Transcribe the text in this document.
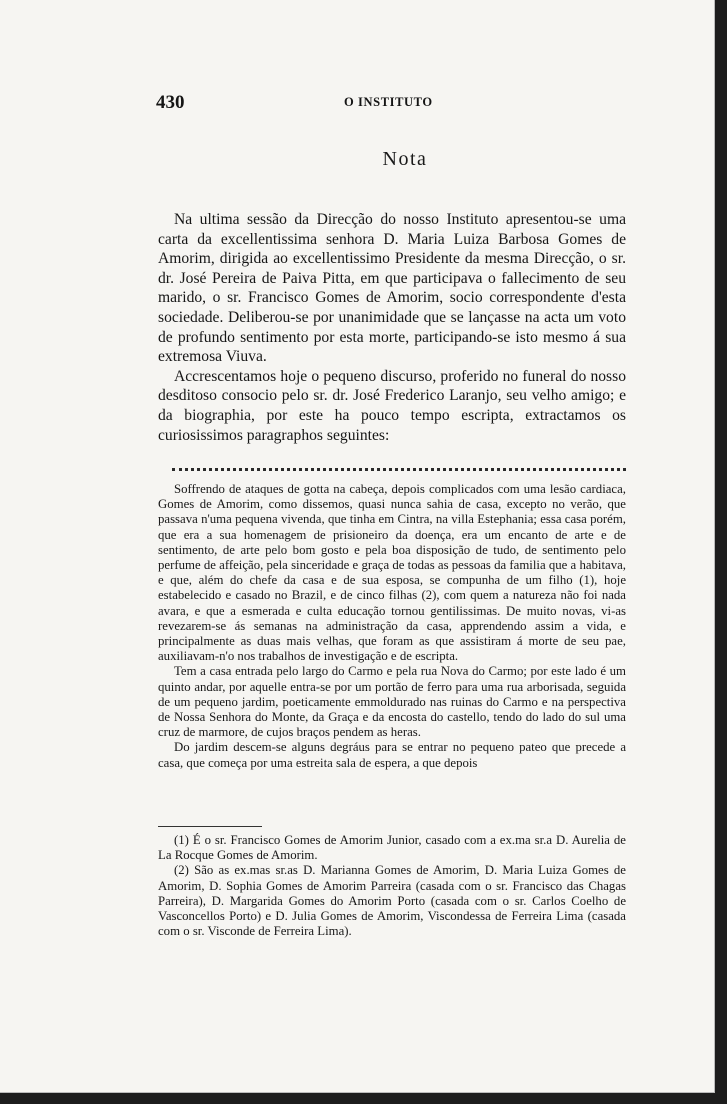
430	O INSTITUTO
Nota

Na ultima sessão da Direcção do nosso Instituto apresentou-se uma carta da excellentissima senhora D. Maria Luiza Barbosa Gomes de Amorim, dirigida ao excellentissimo Presidente da mesma Direcção, o sr. dr. José Pereira de Paiva Pitta, em que participava o fallecimento de seu marido, o sr. Francisco Gomes de Amorim, socio correspondente d'esta sociedade. Deliberou-se por unanimidade que se lançasse na acta um voto de profundo sentimento por esta morte, participando-se isto mesmo á sua extremosa Viuva.

Accrescentamos hoje o pequeno discurso, proferido no funeral do nosso desditoso consocio pelo sr. dr. José Frederico Laranjo, seu velho amigo; e da biographia, por este ha pouco tempo escripta, extractamos os curiosissimos paragraphos seguintes:

Soffrendo de ataques de gotta na cabeça, depois complicados com uma lesão cardiaca, Gomes de Amorim, como dissemos, quasi nunca sahia de casa, excepto no verão, que passava n'uma pequena vivenda, que tinha em Cintra, na villa Estephania; essa casa porém, que era a sua homenagem de prisioneiro da doença, era um encanto de arte e de sentimento, de arte pelo bom gosto e pela boa disposição de tudo, de sentimento pelo perfume de affeição, pela sinceridade e graça de todas as pessoas da familia que a habitava, e que, além do chefe da casa e de sua esposa, se compunha de um filho (1), hoje estabelecido e casado no Brazil, e de cinco filhas (2), com quem a natureza não foi nada avara, e que a esmerada e culta educação tornou gentilissimas. De muito novas, vi-as revezarem-se ás semanas na administração da casa, apprendendo assim a vida, e principalmente as duas mais velhas, que foram as que assistiram á morte de seu pae, auxiliavam-n'o nos trabalhos de investigação e de escripta.

Tem a casa entrada pelo largo do Carmo e pela rua Nova do Carmo; por este lado é um quinto andar, por aquelle entra-se por um portão de ferro para uma rua arborisada, seguida de um pequeno jardim, poeticamente emmoldurado nas ruinas do Carmo e na perspectiva de Nossa Senhora do Monte, da Graça e da encosta do castello, tendo do lado do sul uma cruz de marmore, de cujos braços pendem as heras.

Do jardim descem-se alguns degráus para se entrar no pequeno pateo que precede a casa, que começa por uma estreita sala de espera, a que depois

(1) É o sr. Francisco Gomes de Amorim Junior, casado com a ex.ma sr.a D. Aurelia de La Rocque Gomes de Amorim.

(2) São as ex.mas sr.as D. Marianna Gomes de Amorim, D. Maria Luiza Gomes de Amorim, D. Sophia Gomes de Amorim Parreira (casada com o sr. Francisco das Chagas Parreira), D. Margarida Gomes do Amorim Porto (casada com o sr. Carlos Coelho de Vasconcellos Porto) e D. Julia Gomes de Amorim, Viscondessa de Ferreira Lima (casada com o sr. Visconde de Ferreira Lima).
